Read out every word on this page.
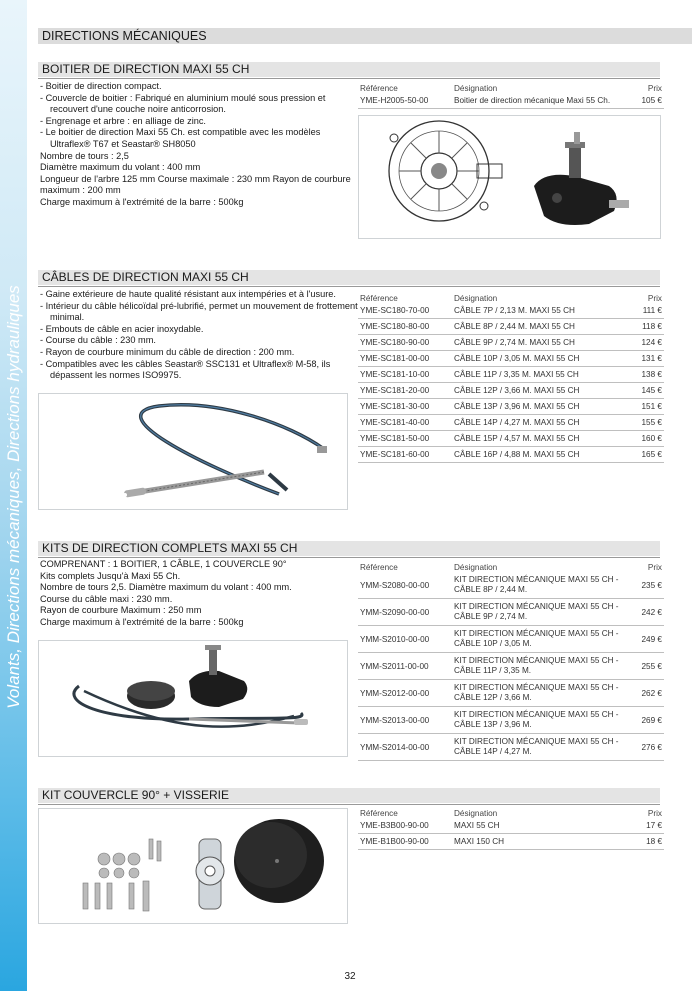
Volants, Directions mécaniques, Directions hydrauliques
DIRECTIONS MÉCANIQUES
BOITIER DE DIRECTION MAXI 55 CH
- Boitier de direction compact.
- Couvercle de boitier : Fabriqué en aluminium moulé sous pression et recouvert d'une couche noire anticorrosion.
- Engrenage et arbre : en alliage de zinc.
- Le boitier de direction Maxi 55 Ch. est compatible avec les modèles Ultraflex® T67 et Seastar® SH8050
Nombre de tours : 2,5
Diamètre maximum du volant : 400 mm
Longueur de l'arbre 125 mm Course maximale : 230 mm Rayon de courbure maximum : 200 mm
Charge maximum à l'extrémité de la barre : 500kg
Référence	Désignation	Prix
YME-H2005-50-00	Boitier de direction mécanique Maxi 55 Ch.	105 €
CÂBLES DE DIRECTION MAXI 55 CH
- Gaine extérieure de haute qualité résistant aux intempéries et à l'usure.
- Intérieur du câble hélicoïdal pré-lubrifié, permet un mouvement de frottement minimal.
- Embouts de câble en acier inoxydable.
- Course du câble : 230 mm.
- Rayon de courbure minimum du câble de direction : 200 mm.
- Compatibles avec les câbles Seastar® SSC131 et Ultraflex® M-58, ils dépassent les normes ISO9975.
Référence	Désignation	Prix
YME-SC180-70-00	CÂBLE 7P / 2,13 M. MAXI 55 CH	111 €
YME-SC180-80-00	CÂBLE 8P / 2,44 M. MAXI 55 CH	118 €
YME-SC180-90-00	CÂBLE 9P / 2,74 M. MAXI 55 CH	124 €
YME-SC181-00-00	CÂBLE 10P / 3,05 M. MAXI 55 CH	131 €
YME-SC181-10-00	CÂBLE 11P / 3,35 M. MAXI 55 CH	138 €
YME-SC181-20-00	CÂBLE 12P / 3,66 M. MAXI 55 CH	145 €
YME-SC181-30-00	CÂBLE 13P / 3,96 M. MAXI 55 CH	151 €
YME-SC181-40-00	CÂBLE 14P / 4,27 M. MAXI 55 CH	155 €
YME-SC181-50-00	CÂBLE 15P / 4,57 M. MAXI 55 CH	160 €
YME-SC181-60-00	CÂBLE 16P / 4,88 M. MAXI 55 CH	165 €
KITS DE DIRECTION COMPLETS MAXI 55 CH
COMPRENANT : 1 BOITIER, 1 CÂBLE, 1 COUVERCLE 90°
Kits complets Jusqu'à Maxi 55 Ch.
Nombre de tours 2,5. Diamètre maximum du volant : 400 mm.
Course du câble maxi : 230 mm.
Rayon de courbure Maximum : 250 mm
Charge maximum à l'extrémité de la barre : 500kg
Référence	Désignation	Prix
YMM-S2080-00-00	KIT DIRECTION MÉCANIQUE MAXI 55 CH - CÂBLE 8P / 2,44 M.	235 €
YMM-S2090-00-00	KIT DIRECTION MÉCANIQUE MAXI 55 CH - CÂBLE 9P / 2,74 M.	242 €
YMM-S2010-00-00	KIT DIRECTION MÉCANIQUE MAXI 55 CH - CÂBLE 10P / 3,05 M.	249 €
YMM-S2011-00-00	KIT DIRECTION MÉCANIQUE MAXI 55 CH - CÂBLE 11P / 3,35 M.	255 €
YMM-S2012-00-00	KIT DIRECTION MÉCANIQUE MAXI 55 CH - CÂBLE 12P / 3,66 M.	262 €
YMM-S2013-00-00	KIT DIRECTION MÉCANIQUE MAXI 55 CH - CÂBLE 13P / 3,96 M.	269 €
YMM-S2014-00-00	KIT DIRECTION MÉCANIQUE MAXI 55 CH - CÂBLE 14P / 4,27 M.	276 €
KIT COUVERCLE 90° + VISSERIE
Référence	Désignation	Prix
YME-B3B00-90-00	MAXI 55 CH	17 €
YME-B1B00-90-00	MAXI 150 CH	18 €
32
